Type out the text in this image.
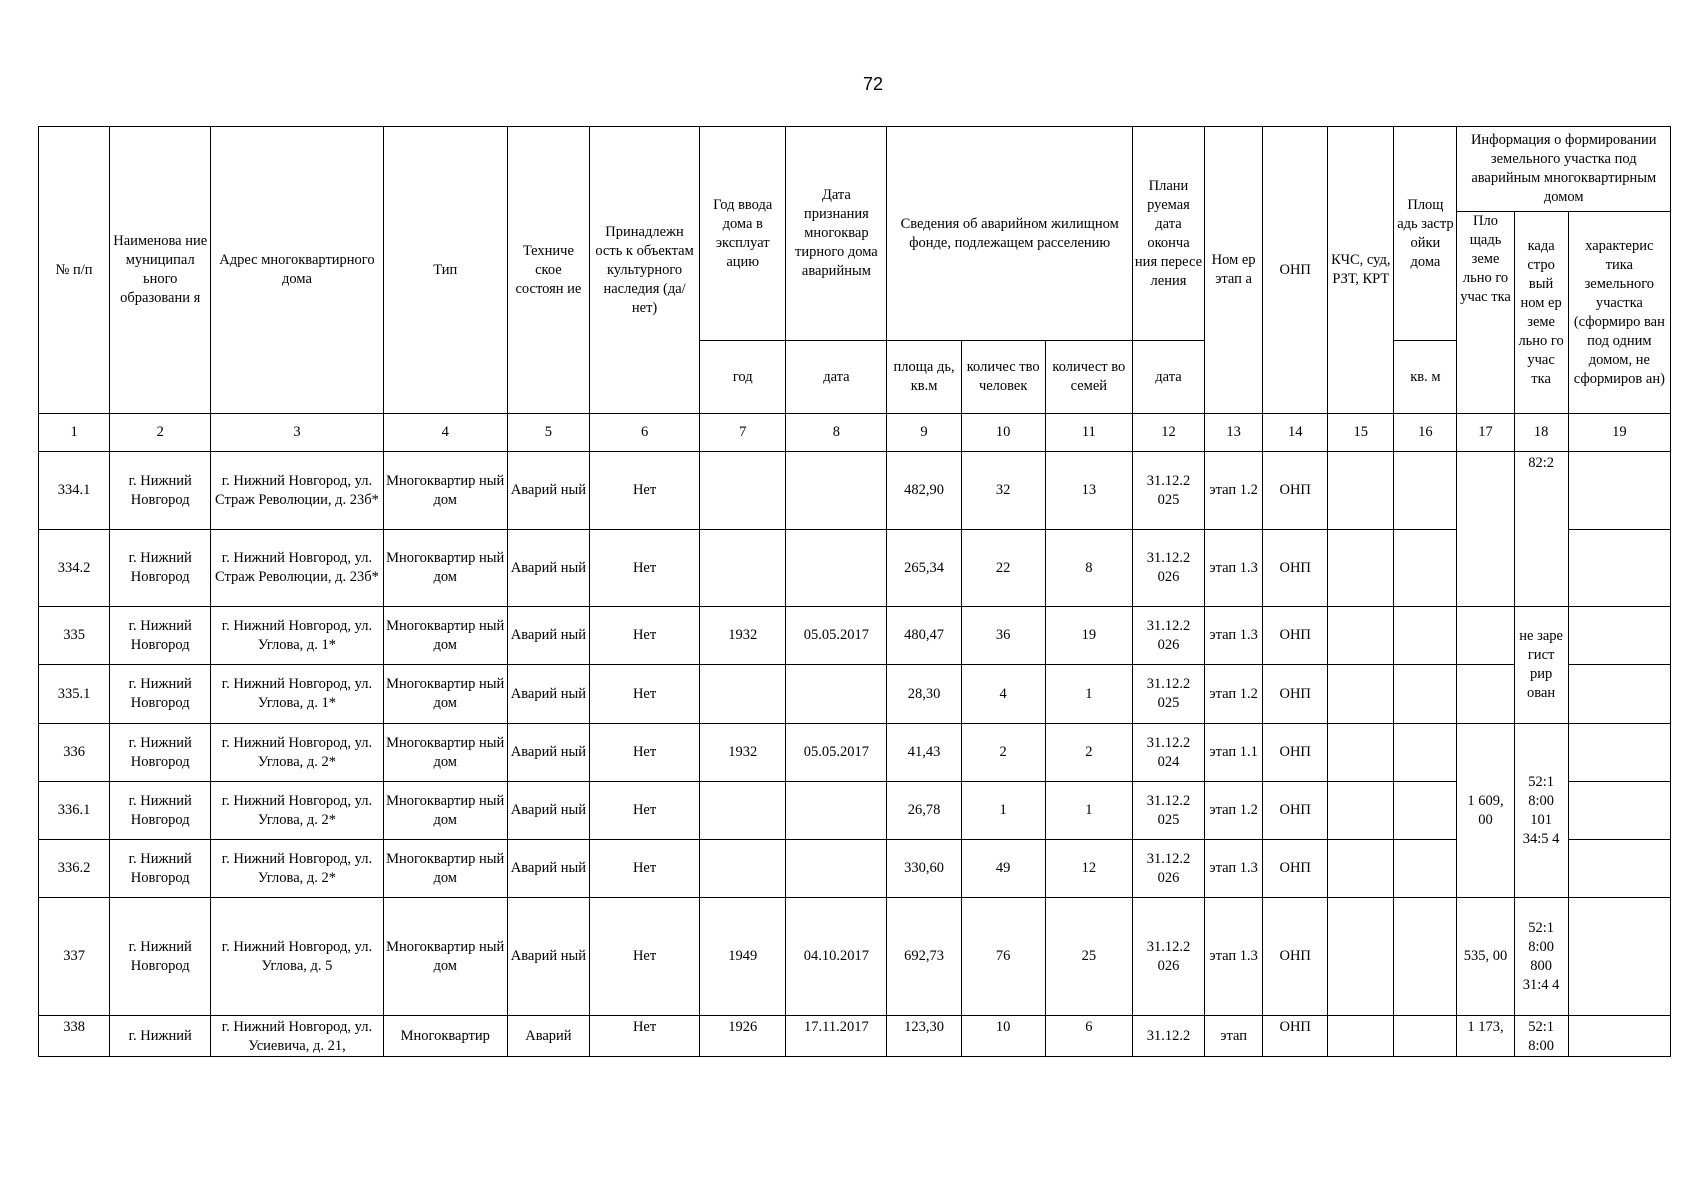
72
№ п/п	Наименова ние муниципал ьного образовани я	Адрес многоквартирного дома	Тип	Техниче ское состоян ие	Принадлежн ость к объектам культурного наследия (да/нет)	Год ввода дома в эксплуат ацию	Дата признания многоквар тирного дома аварийным	Сведения об аварийном жилищном фонде, подлежащем расселению			Плани руемая дата оконча ния пересе ления	Ном ер этап а	ОНП	КЧС, суд, РЗТ, КРТ	Площ адь застр ойки дома	Информация о формировании земельного участка под аварийным многоквартирным домом		
																Пло щадь земе льно го учас тка	када стро вый ном ер земе льно го учас тка	характерис тика земельного участка (сформиро ван под одним домом, не сформиров ан)
						год	дата	площа дь, кв.м	количес тво человек	количест во семей	дата				кв. м			
1	2	3	4	5	6	7	8	9	10	11	12	13	14	15	16	17	18	19
334.1	г. Нижний Новгород	г. Нижний Новгород, ул. Страж Революции, д. 23б*	Многоквартир ный дом	Аварий ный	Нет			482,90	32	13	31.12.2 025	этап 1.2	ОНП				82:2	
334.2	г. Нижний Новгород	г. Нижний Новгород, ул. Страж Революции, д. 23б*	Многоквартир ный дом	Аварий ный	Нет			265,34	22	8	31.12.2 026	этап 1.3	ОНП					
335	г. Нижний Новгород	г. Нижний Новгород, ул. Углова, д. 1*	Многоквартир ный дом	Аварий ный	Нет	1932	05.05.2017	480,47	36	19	31.12.2 026	этап 1.3	ОНП				не заре гист рир ован	
335.1	г. Нижний Новгород	г. Нижний Новгород, ул. Углова, д. 1*	Многоквартир ный дом	Аварий ный	Нет			28,30	4	1	31.12.2 025	этап 1.2	ОНП					
336	г. Нижний Новгород	г. Нижний Новгород, ул. Углова, д. 2*	Многоквартир ный дом	Аварий ный	Нет	1932	05.05.2017	41,43	2	2	31.12.2 024	этап 1.1	ОНП			1 609, 00	52:1 8:00 101 34:5 4	
336.1	г. Нижний Новгород	г. Нижний Новгород, ул. Углова, д. 2*	Многоквартир ный дом	Аварий ный	Нет			26,78	1	1	31.12.2 025	этап 1.2	ОНП					
336.2	г. Нижний Новгород	г. Нижний Новгород, ул. Углова, д. 2*	Многоквартир ный дом	Аварий ный	Нет			330,60	49	12	31.12.2 026	этап 1.3	ОНП					
337	г. Нижний Новгород	г. Нижний Новгород, ул. Углова, д. 5	Многоквартир ный дом	Аварий ный	Нет	1949	04.10.2017	692,73	76	25	31.12.2 026	этап 1.3	ОНП			535, 00	52:1 8:00 800 31:4 4	
338	г. Нижний	г. Нижний Новгород, ул. Усиевича, д. 21,	Многоквартир	Аварий	Нет	1926	17.11.2017	123,30	10	6	31.12.2	этап	ОНП			1 173,	52:1 8:00	
